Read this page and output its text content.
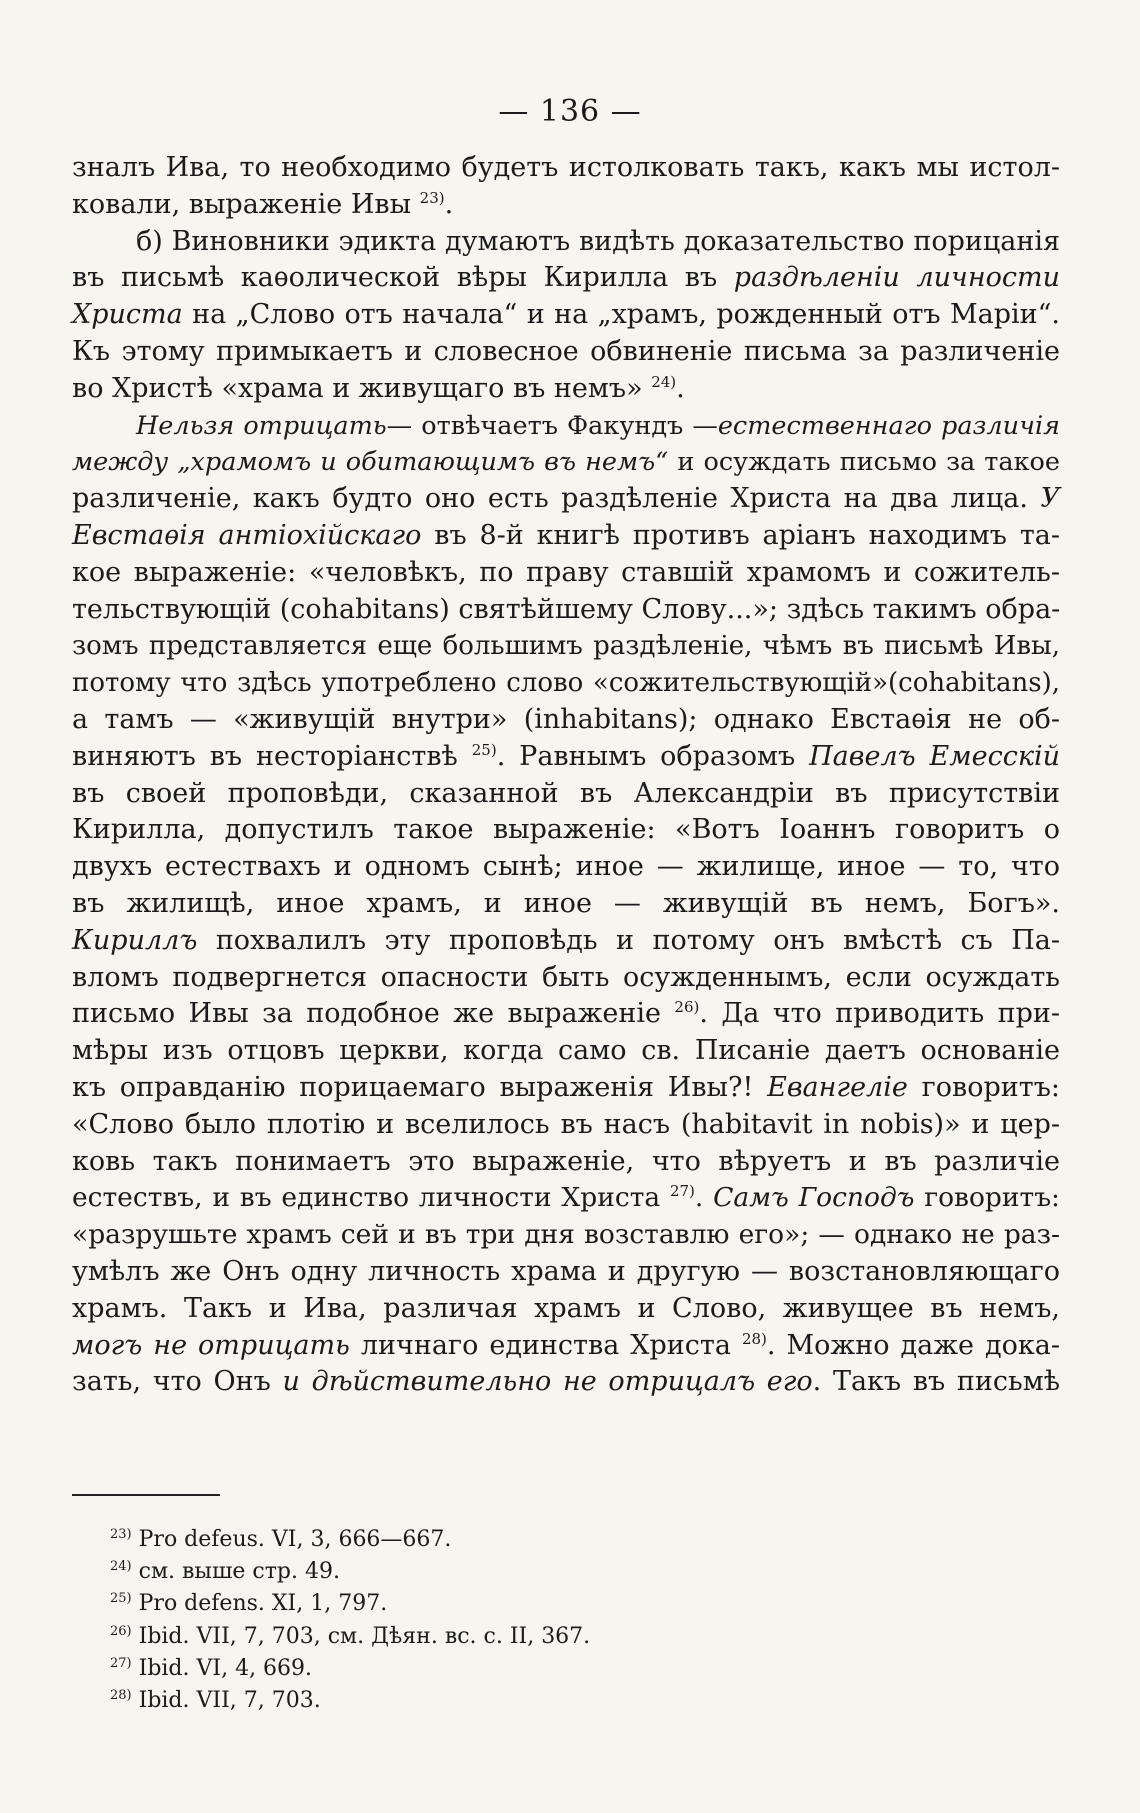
— 136 —
зналъ Ива, то необходимо будетъ истолковать такъ, какъ мы истол-
ковали, выраженіе Ивы $^{23)}$.
б) Виновники эдикта думаютъ видѣть доказательство порицанія
въ письмѣ каѳолической вѣры Кирилла въ раздѣленіи личности
Христа на „Слово отъ начала“ и на „храмъ, рожденный отъ Маріи“.
Къ этому примыкаетъ и словесное обвиненіе письма за различеніе
во Христѣ «храма и живущаго въ немъ» $^{24)}$.
Нельзя отрицать— отвѣчаетъ Факундъ —естественнаго различія
между „храмомъ и обитающимъ въ немъ“ и осуждать письмо за такое
различеніе, какъ будто оно есть раздѣленіе Христа на два лица. У
Евстаѳія антіохійскаго въ 8-й книгѣ противъ аріанъ находимъ та-
кое выраженіе: «человѣкъ, по праву ставшій храмомъ и сожитель-
тельствующій (cohabitans) святѣйшему Слову...»; здѣсь такимъ обра-
зомъ представляется еще большимъ раздѣленіе, чѣмъ въ письмѣ Ивы,
потому что здѣсь употреблено слово «сожительствующій»(cohabitans),
а тамъ — «живущій внутри» (inhabitans); однако Евстаѳія не об-
виняютъ въ несторіанствѣ $^{25)}$. Равнымъ образомъ Павелъ Емесскій
въ своей проповѣди, сказанной въ Александріи въ присутствіи
Кирилла, допустилъ такое выраженіе: «Вотъ Іоаннъ говоритъ о
двухъ естествахъ и одномъ сынѣ; иное — жилище, иное — то, что
въ жилищѣ, иное храмъ, и иное — живущій въ немъ, Богъ».
Кириллъ похвалилъ эту проповѣдь и потому онъ вмѣстѣ съ Па-
вломъ подвергнется опасности быть осужденнымъ, если осуждать
письмо Ивы за подобное же выраженіе $^{26)}$. Да что приводить при-
мѣры изъ отцовъ церкви, когда само св. Писаніе даетъ основаніе
къ оправданію порицаемаго выраженія Ивы?! Евангеліе говоритъ:
«Слово было плотію и вселилось въ насъ (habitavit in nobis)» и цер-
ковь такъ понимаетъ это выраженіе, что вѣруетъ и въ различіе
естествъ, и въ единство личности Христа $^{27)}$. Самъ Господъ говоритъ:
«разрушьте храмъ сей и въ три дня возставлю его»; — однако не раз-
умѣлъ же Онъ одну личность храма и другую — возстановляющаго
храмъ. Такъ и Ива, различая храмъ и Слово, живущее въ немъ,
могъ не отрицать личнаго единства Христа $^{28)}$. Можно даже дока-
зать, что Онъ и дѣйствительно не отрицалъ его. Такъ въ письмѣ
$^{23)}$ Pro defeus. VI, 3, 666—667.
$^{24)}$ см. выше стр. 49.
$^{25)}$ Pro defens. XI, 1, 797.
$^{26)}$ Ibid. VII, 7, 703, см. Дѣян. вс. с. II, 367.
$^{27)}$ Ibid. VI, 4, 669.
$^{28)}$ Ibid. VII, 7, 703.
